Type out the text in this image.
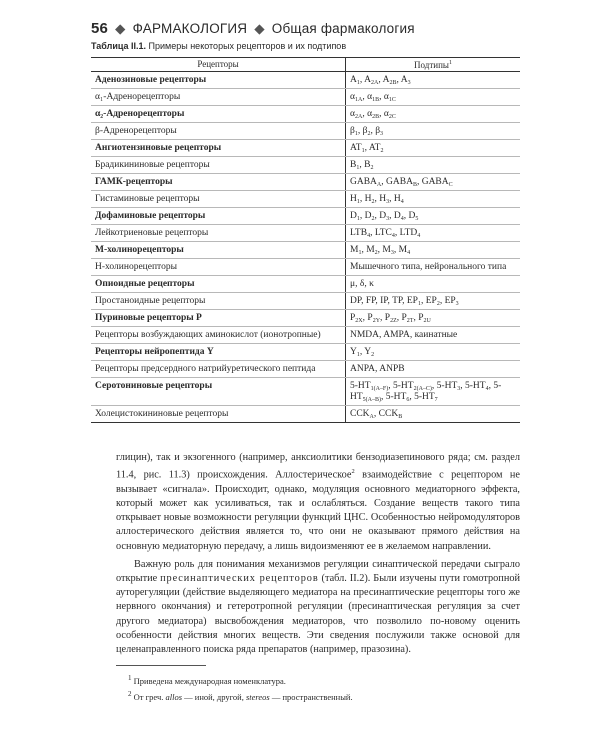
56 ◆ ФАРМАКОЛОГИЯ ◆ Общая фармакология
Таблица II.1. Примеры некоторых рецепторов и их подтипов
Рецепторы	Подтипы$^1$
Аденозиновые рецепторы	$A_1$, $A_{2A}$, $A_{2B}$, $A_3$
α₁-Адренорецепторы	$\alpha_{1A}$, $\alpha_{1B}$, $\alpha_{1C}$
α₂-Адренорецепторы	$\alpha_{2A}$, $\alpha_{2B}$, $\alpha_{2C}$
β-Адренорецепторы	$\beta_1$, $\beta_2$, $\beta_3$
Ангиотензиновые рецепторы	$AT_1$, $AT_2$
Брадикининовые рецепторы	$B_1$, $B_2$
ГАМК-рецепторы	$GABA_A$, $GABA_B$, $GABA_C$
Гистаминовые рецепторы	$H_1$, $H_2$, $H_3$, $H_4$
Дофаминовые рецепторы	$D_1$, $D_2$, $D_3$, $D_4$, $D_5$
Лейкотриеновые рецепторы	$LTB_4$, $LTC_4$, $LTD_4$
М-холинорецепторы	$M_1$, $M_2$, $M_3$, $M_4$
Н-холинорецепторы	Мышечного типа, нейронального типа
Опиоидные рецепторы	μ, δ, κ
Простаноидные рецепторы	DP, FP, IP, TP, $EP_1$, $EP_2$, $EP_3$
Пуриновые рецепторы P	$P_{2X}$, $P_{2Y}$, $P_{2Z}$, $P_{2T}$, $P_{2U}$
Рецепторы возбуждающих аминокислот (ионотропные)	NMDA, AMPA, каинатные
Рецепторы нейропептида Y	$Y_1$, $Y_2$
Рецепторы предсердного натрийуретического пептида	ANPA, ANPB
Серотониновые рецепторы	$5-HT_{1(A-F)}$, $5-HT_{2(A-C)}$, $5-HT_3$, $5-HT_4$, $5-HT_{5(A-B)}$, $5-HT_6$, $5-HT_7$
Холецистокининовые рецепторы	$CCK_A$, $CCK_B$

глицин), так и экзогенного (например, анксиолитики бензодиазепинового ряда; см. раздел 11.4, рис. 11.3) происхождения. Аллостерическое$^2$ взаимодействие с рецептором не вызывает «сигнала». Происходит, однако, модуляция основного медиаторного эффекта, который может как усиливаться, так и ослабляться. Создание веществ такого типа открывает новые возможности регуляции функций ЦНС. Особенностью нейромодуляторов аллостерического действия является то, что они не оказывают прямого действия на основную медиаторную передачу, а лишь видоизменяют ее в желаемом направлении.

Важную роль для понимания механизмов регуляции синаптической передачи сыграло открытие пресинаптических рецепторов (табл. II.2). Были изучены пути гомотропной ауторегуляции (действие выделяющего медиатора на пресинаптические рецепторы того же нервного окончания) и гетеротропной регуляции (пресинаптическая регуляция за счет другого медиатора) высвобождения медиаторов, что позволило по-новому оценить особенности действия многих веществ. Эти сведения послужили также основой для целенаправленного поиска ряда препаратов (например, празозина).

$^1$ Приведена международная номенклатура.
$^2$ От греч. allos — иной, другой, stereos — пространственный.
